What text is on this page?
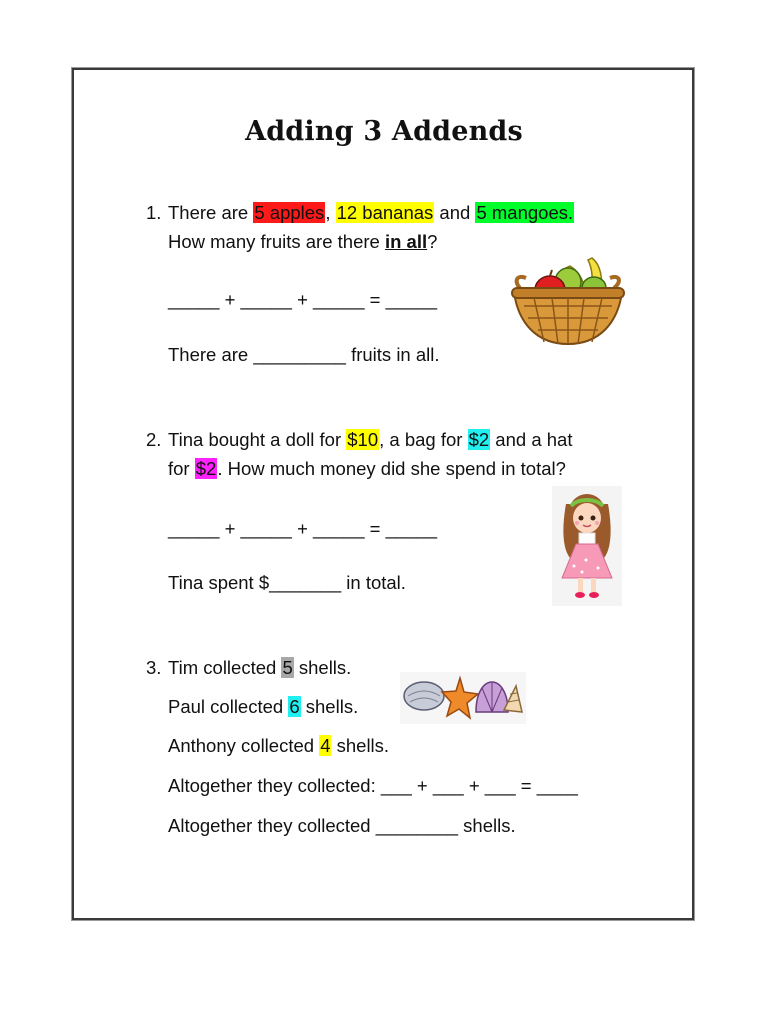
Adding 3 Addends
1. There are 5 apples, 12 bananas and 5 mangoes.
How many fruits are there in all?
_____ + _____ + _____ = _____
There are _________ fruits in all.
2. Tina bought a doll for $10, a bag for $2 and a hat
for $2. How much money did she spend in total?
_____ + _____ + _____ = _____
Tina spent $_______ in total.
3. Tim collected 5 shells.
Paul collected 6 shells.
Anthony collected 4 shells.
Altogether they collected: ___ + ___ + ___ = ____
Altogether they collected ________ shells.
